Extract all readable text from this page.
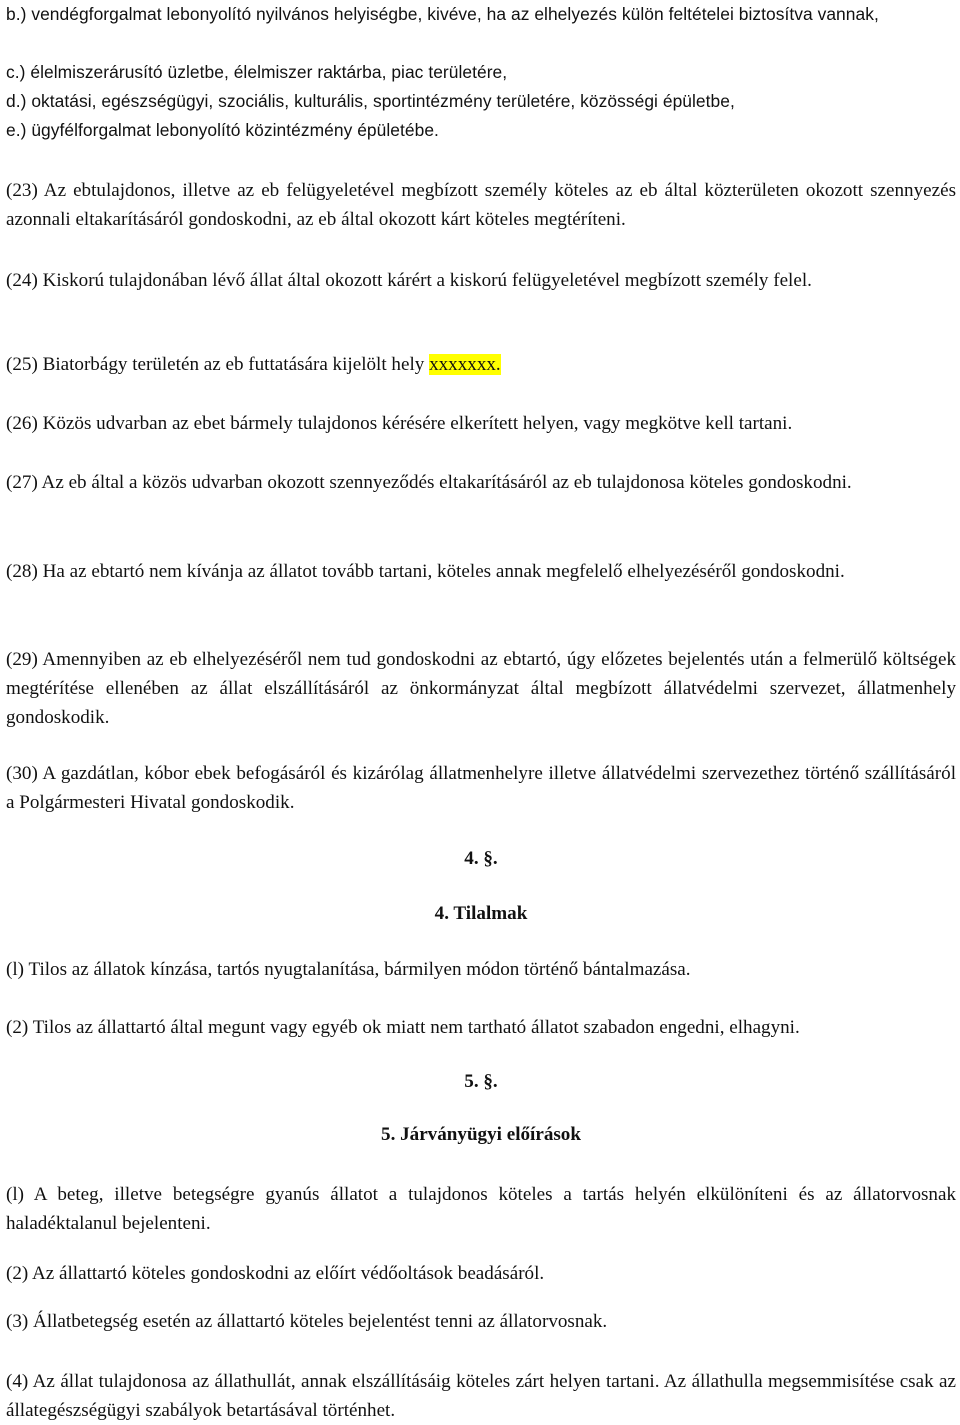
b.) vendégforgalmat lebonyolító nyilvános helyiségbe, kivéve, ha az elhelyezés külön feltételei biztosítva vannak,

c.) élelmiszerárusító üzletbe, élelmiszer raktárba, piac területére,

d.) oktatási, egészségügyi, szociális, kulturális, sportintézmény területére, közösségi épületbe,

e.) ügyfélforgalmat lebonyolító közintézmény épületébe.

(23) Az ebtulajdonos, illetve az eb felügyeletével megbízott személy köteles az eb által közterületen okozott szennyezés azonnali eltakarításáról gondoskodni, az eb által okozott kárt köteles megtéríteni.

(24) Kiskorú tulajdonában lévő állat által okozott kárért a kiskorú felügyeletével megbízott személy felel.

(25) Biatorbágy területén az eb futtatására kijelölt hely xxxxxxx.

(26) Közös udvarban az ebet bármely tulajdonos kérésére elkerített helyen, vagy megkötve kell tartani.

(27) Az eb által a közös udvarban okozott szennyeződés eltakarításáról az eb tulajdonosa köteles gondoskodni.

(28) Ha az ebtartó nem kívánja az állatot tovább tartani, köteles annak megfelelő elhelyezéséről gondoskodni.

(29) Amennyiben az eb elhelyezéséről nem tud gondoskodni az ebtartó, úgy előzetes bejelentés után a felmerülő költségek megtérítése ellenében az állat elszállításáról az önkormányzat által megbízott állatvédelmi szervezet, állatmenhely gondoskodik.

(30) A gazdátlan, kóbor ebek befogásáról és kizárólag állatmenhelyre illetve állatvédelmi szervezethez történő szállításáról a Polgármesteri Hivatal gondoskodik.

4. §.

4. Tilalmak

(l) Tilos az állatok kínzása, tartós nyugtalanítása, bármilyen módon történő bántalmazása.

(2) Tilos az állattartó által megunt vagy egyéb ok miatt nem tartható állatot szabadon engedni, elhagyni.

5. §.

5. Járványügyi előírások

(l) A beteg, illetve betegségre gyanús állatot a tulajdonos köteles a tartás helyén elkülöníteni és az állatorvosnak haladéktalanul bejelenteni.

(2) Az állattartó köteles gondoskodni az előírt védőoltások beadásáról.

(3) Állatbetegség esetén az állattartó köteles bejelentést tenni az állatorvosnak.

(4) Az állat tulajdonosa az állathullát, annak elszállításáig köteles zárt helyen tartani. Az állathulla megsemmisítése csak az állategészségügyi szabályok betartásával történhet.
